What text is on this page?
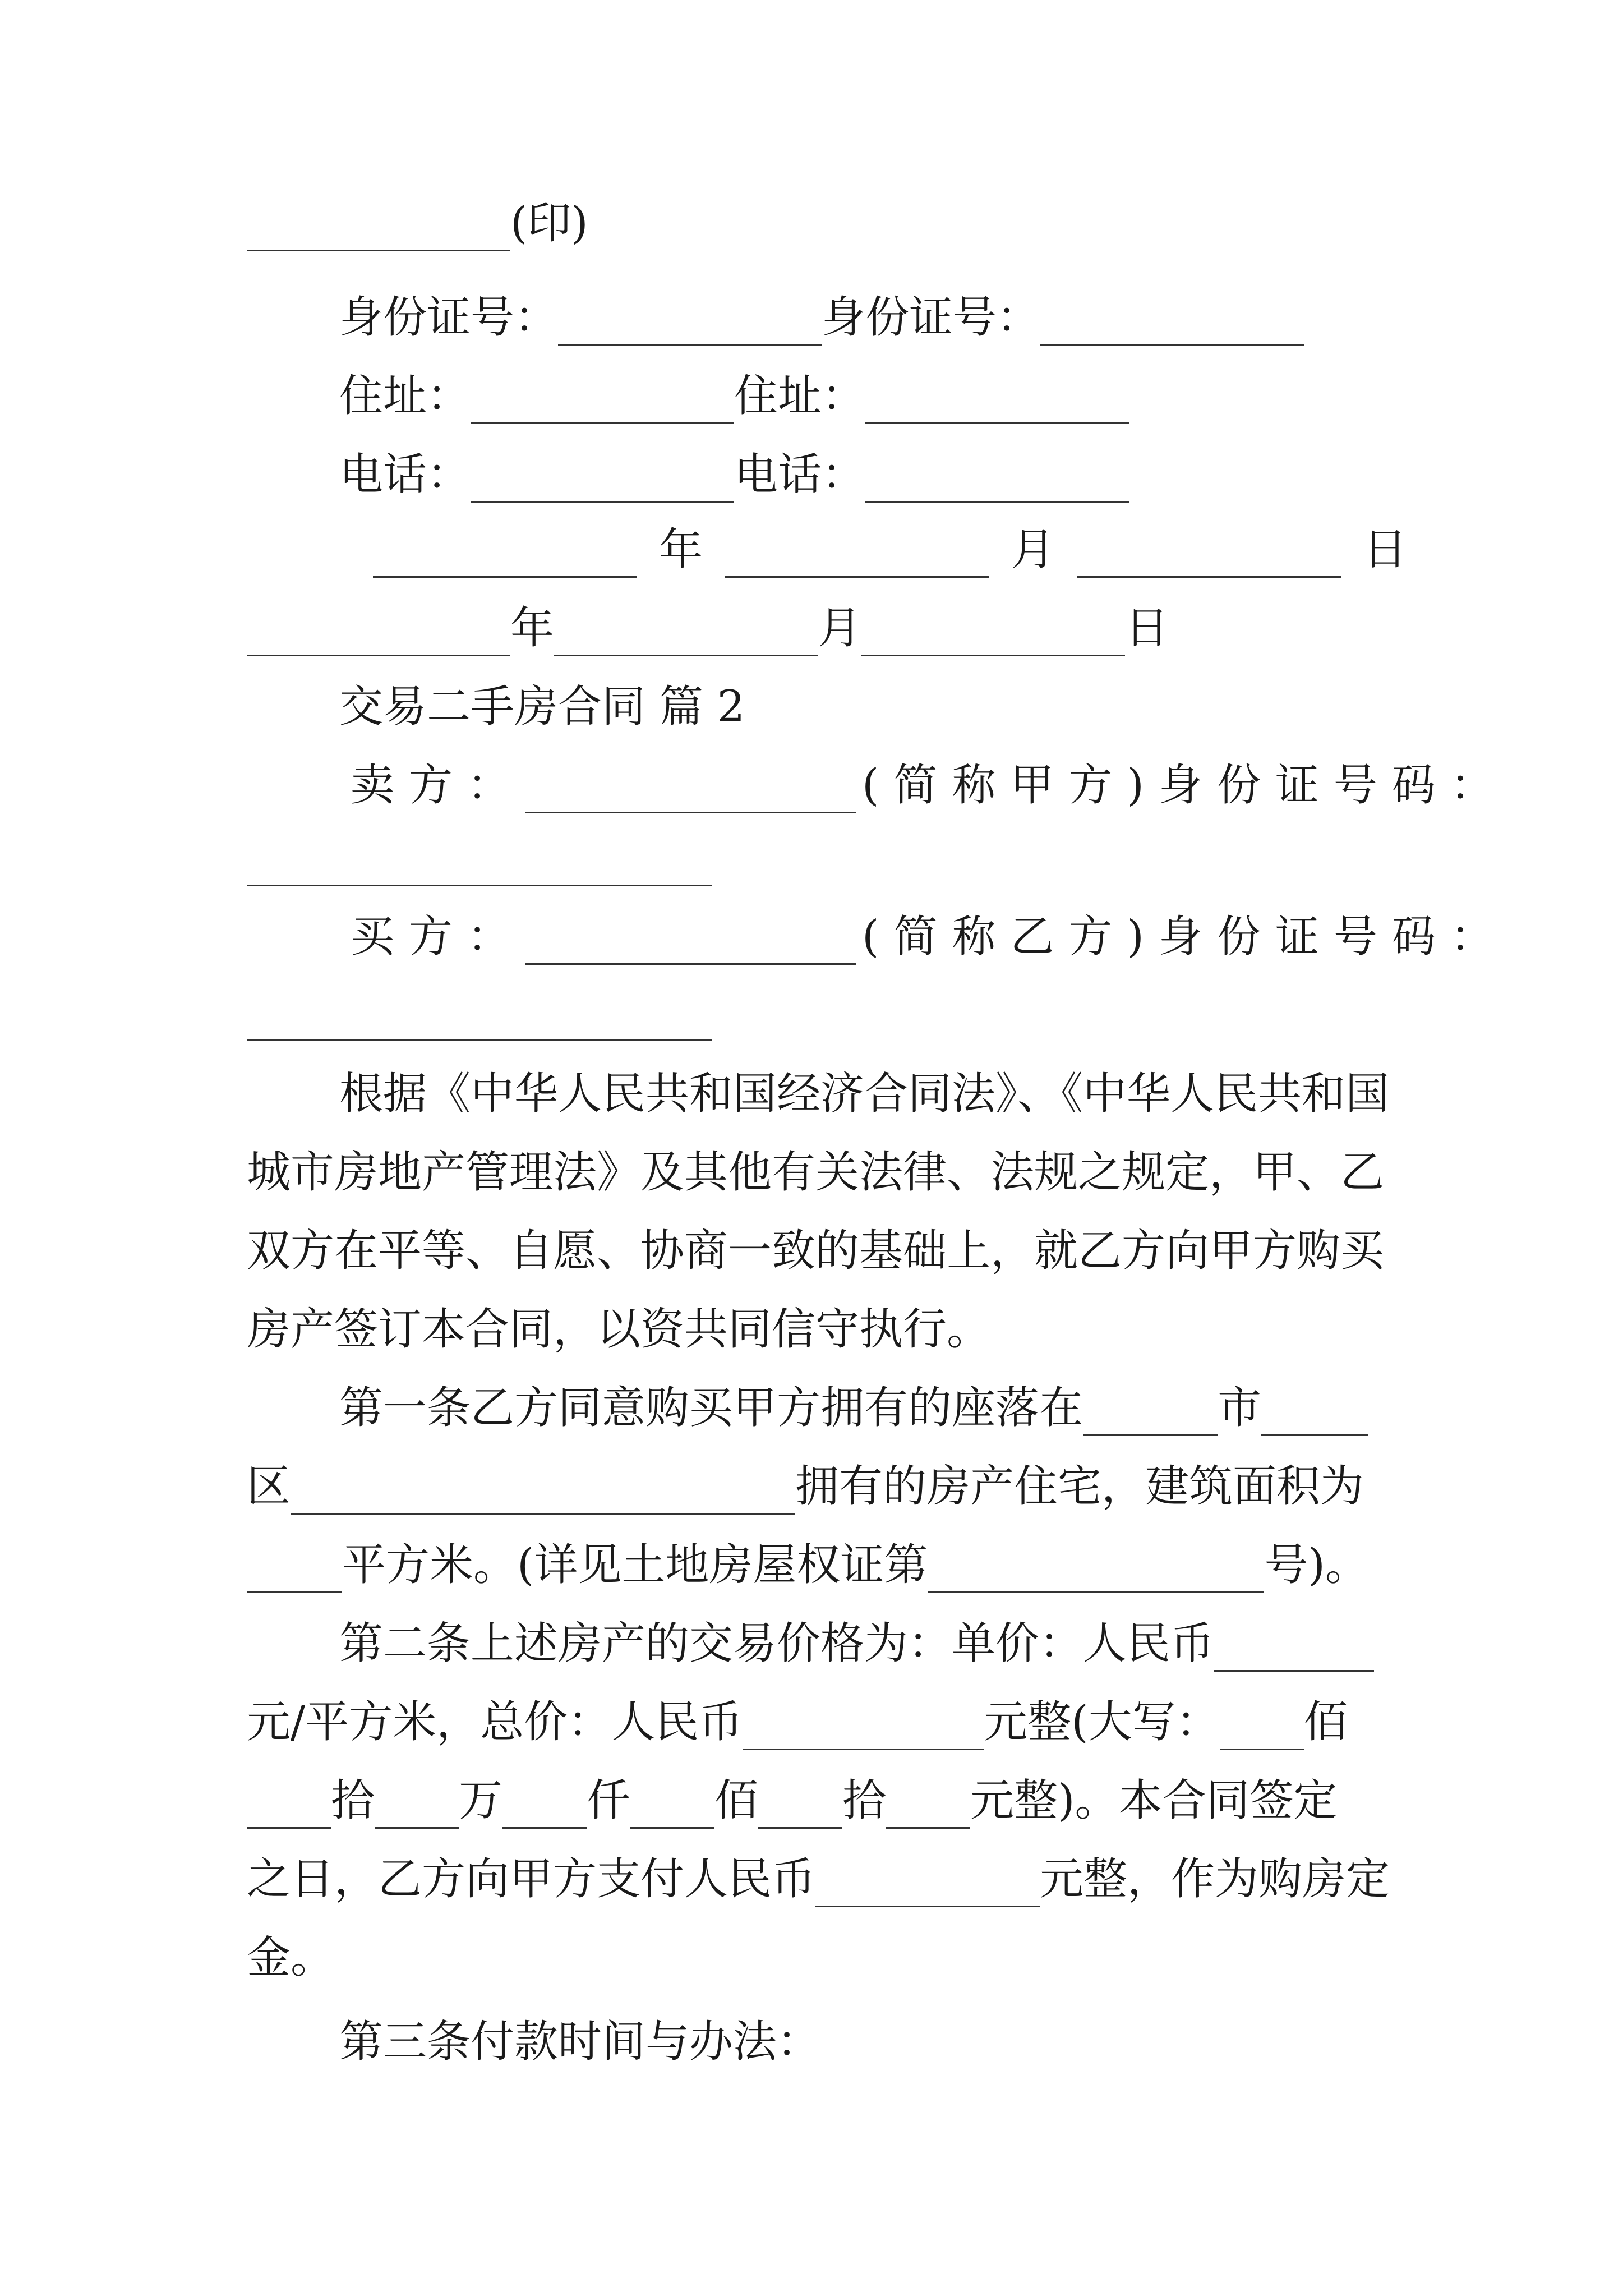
(印)
身份证号：	身份证号：
住址：	住址：
电话：	电话：
年	月	日
年	月	日
交易二手房合同 篇 2
卖方：	(简称甲方)身份证号码：
买方：	(简称乙方)身份证号码：
根据《中华人民共和国经济合同法》、《中华人民共和国
城市房地产管理法》及其他有关法律、法规之规定，甲、乙
双方在平等、自愿、协商一致的基础上，就乙方向甲方购买
房产签订本合同，以资共同信守执行。
第一条乙方同意购买甲方拥有的座落在	市
区	拥有的房产住宅，建筑面积为
平方米。(详见土地房屋权证第	号)。
第二条上述房产的交易价格为：单价：人民币
元/平方米，总价：人民币	元整(大写： 佰
拾 万 仟 佰 拾 元整)。本合同签定
之日，乙方向甲方支付人民币	元整，作为购房定
金。
第三条付款时间与办法：
